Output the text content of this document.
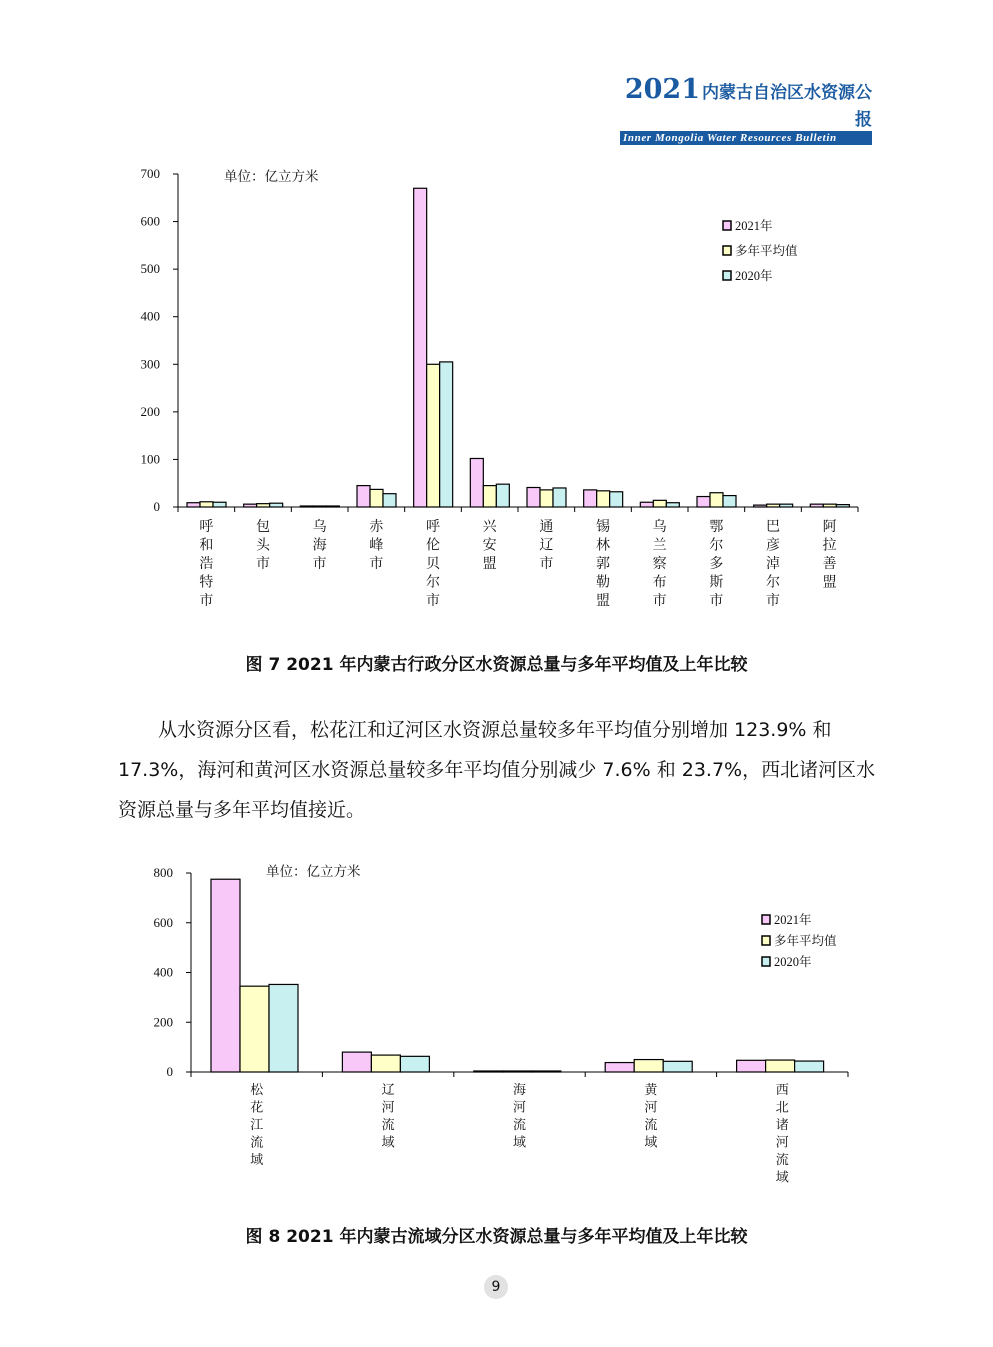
2021 内蒙古自治区水资源公报
Inner Mongolia Water Resources Bulletin
0
100
200
300
400
500
600
700
呼和浩特市
包头市
乌海市
赤峰市
呼伦贝尔市
兴安盟
通辽市
锡林郭勒盟
乌兰察布市
鄂尔多斯市
巴彦淖尔市
阿拉善盟
单位：亿立方米
2021年
多年平均值
2020年
图 7 2021 年内蒙古行政分区水资源总量与多年平均值及上年比较
从水资源分区看，松花江和辽河区水资源总量较多年平均值分别增加 123.9% 和 17.3%，海河和黄河区水资源总量较多年平均值分别减少 7.6% 和 23.7%，西北诸河区水资源总量与多年平均值接近。
0
200
400
600
800
松花江流域
辽河流域
海河流域
黄河流域
西北诸河流域
单位：亿立方米
2021年
多年平均值
2020年
图 8 2021 年内蒙古流域分区水资源总量与多年平均值及上年比较
9
